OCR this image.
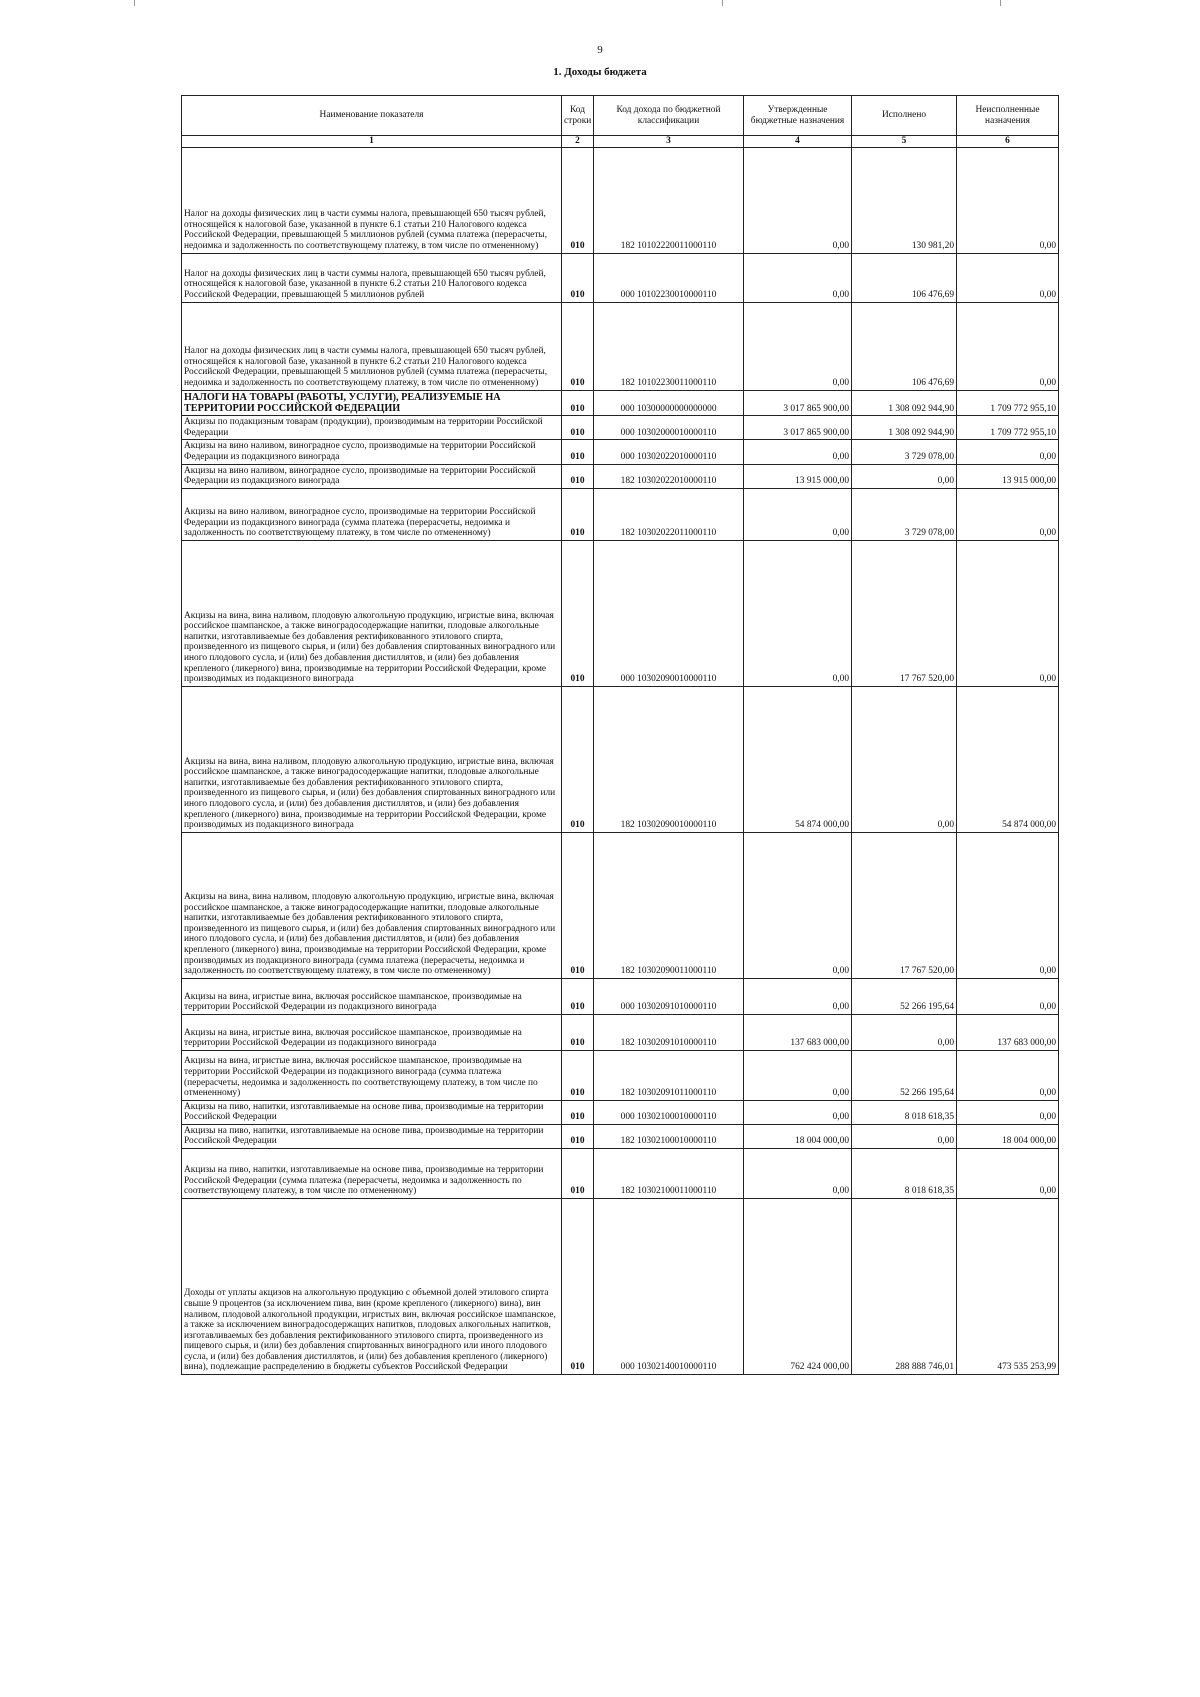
9
1. Доходы бюджета
Наименование показателя	Код строки	Код дохода по бюджетной классификации	Утвержденные бюджетные назначения	Исполнено	Неисполненные назначения
1	2	3	4	5	6
Налог на доходы физических лиц в части суммы налога, превышающей 650 тысяч рублей, относящейся к налоговой базе, указанной в пункте 6.1 статьи 210 Налогового кодекса Российской Федерации, превышающей 5 миллионов рублей (сумма платежа (перерасчеты, недоимка и задолженность по соответствующему платежу, в том числе по отмененному)	010	182 10102220011000110	0,00	130 981,20	0,00
Налог на доходы физических лиц в части суммы налога, превышающей 650 тысяч рублей, относящейся к налоговой базе, указанной в пункте 6.2 статьи 210 Налогового кодекса Российской Федерации, превышающей 5 миллионов рублей	010	000 10102230010000110	0,00	106 476,69	0,00
Налог на доходы физических лиц в части суммы налога, превышающей 650 тысяч рублей, относящейся к налоговой базе, указанной в пункте 6.2 статьи 210 Налогового кодекса Российской Федерации, превышающей 5 миллионов рублей (сумма платежа (перерасчеты, недоимка и задолженность по соответствующему платежу, в том числе по отмененному)	010	182 10102230011000110	0,00	106 476,69	0,00
НАЛОГИ НА ТОВАРЫ (РАБОТЫ, УСЛУГИ), РЕАЛИЗУЕМЫЕ НА ТЕРРИТОРИИ РОССИЙСКОЙ ФЕДЕРАЦИИ	010	000 10300000000000000	3 017 865 900,00	1 308 092 944,90	1 709 772 955,10
Акцизы по подакцизным товарам (продукции), производимым на территории Российской Федерации	010	000 10302000010000110	3 017 865 900,00	1 308 092 944,90	1 709 772 955,10
Акцизы на вино наливом, виноградное сусло, производимые на территории Российской Федерации из подакцизного винограда	010	000 10302022010000110	0,00	3 729 078,00	0,00
Акцизы на вино наливом, виноградное сусло, производимые на территории Российской Федерации из подакцизного винограда	010	182 10302022010000110	13 915 000,00	0,00	13 915 000,00
Акцизы на вино наливом, виноградное сусло, производимые на территории Российской Федерации из подакцизного винограда (сумма платежа (перерасчеты, недоимка и задолженность по соответствующему платежу, в том числе по отмененному)	010	182 10302022011000110	0,00	3 729 078,00	0,00
Акцизы на вина, вина наливом, плодовую алкогольную продукцию, игристые вина, включая российское шампанское, а также виноградосодержащие напитки, плодовые алкогольные напитки, изготавливаемые без добавления ректификованного этилового спирта, произведенного из пищевого сырья, и (или) без добавления спиртованных виноградного или иного плодового сусла, и (или) без добавления дистиллятов, и (или) без добавления крепленого (ликерного) вина, производимые на территории Российской Федерации, кроме производимых из подакцизного винограда	010	000 10302090010000110	0,00	17 767 520,00	0,00
Акцизы на вина, вина наливом, плодовую алкогольную продукцию, игристые вина, включая российское шампанское, а также виноградосодержащие напитки, плодовые алкогольные напитки, изготавливаемые без добавления ректификованного этилового спирта, произведенного из пищевого сырья, и (или) без добавления спиртованных виноградного или иного плодового сусла, и (или) без добавления дистиллятов, и (или) без добавления крепленого (ликерного) вина, производимые на территории Российской Федерации, кроме производимых из подакцизного винограда	010	182 10302090010000110	54 874 000,00	0,00	54 874 000,00
Акцизы на вина, вина наливом, плодовую алкогольную продукцию, игристые вина, включая российское шампанское, а также виноградосодержащие напитки, плодовые алкогольные напитки, изготавливаемые без добавления ректификованного этилового спирта, произведенного из пищевого сырья, и (или) без добавления спиртованных виноградного или иного плодового сусла, и (или) без добавления дистиллятов, и (или) без добавления крепленого (ликерного) вина, производимые на территории Российской Федерации, кроме производимых из подакцизного винограда (сумма платежа (перерасчеты, недоимка и задолженность по соответствующему платежу, в том числе по отмененному)	010	182 10302090011000110	0,00	17 767 520,00	0,00
Акцизы на вина, игристые вина, включая российское шампанское, производимые на территории Российской Федерации из подакцизного винограда	010	000 10302091010000110	0,00	52 266 195,64	0,00
Акцизы на вина, игристые вина, включая российское шампанское, производимые на территории Российской Федерации из подакцизного винограда	010	182 10302091010000110	137 683 000,00	0,00	137 683 000,00
Акцизы на вина, игристые вина, включая российское шампанское, производимые на территории Российской Федерации из подакцизного винограда (сумма платежа (перерасчеты, недоимка и задолженность по соответствующему платежу, в том числе по отмененному)	010	182 10302091011000110	0,00	52 266 195,64	0,00
Акцизы на пиво, напитки, изготавливаемые на основе пива, производимые на территории Российской Федерации	010	000 10302100010000110	0,00	8 018 618,35	0,00
Акцизы на пиво, напитки, изготавливаемые на основе пива, производимые на территории Российской Федерации	010	182 10302100010000110	18 004 000,00	0,00	18 004 000,00
Акцизы на пиво, напитки, изготавливаемые на основе пива, производимые на территории Российской Федерации (сумма платежа (перерасчеты, недоимка и задолженность по соответствующему платежу, в том числе по отмененному)	010	182 10302100011000110	0,00	8 018 618,35	0,00
Доходы от уплаты акцизов на алкогольную продукцию с объемной долей этилового спирта свыше 9 процентов (за исключением пива, вин (кроме крепленого (ликерного) вина), вин наливом, плодовой алкогольной продукции, игристых вин, включая российское шампанское, а также за исключением виноградосодержащих напитков, плодовых алкогольных напитков, изготавливаемых без добавления ректификованного этилового спирта, произведенного из пищевого сырья, и (или) без добавления спиртованных виноградного или иного плодового сусла, и (или) без добавления дистиллятов, и (или) без добавления крепленого (ликерного) вина), подлежащие распределению в бюджеты субъектов Российской Федерации	010	000 10302140010000110	762 424 000,00	288 888 746,01	473 535 253,99
